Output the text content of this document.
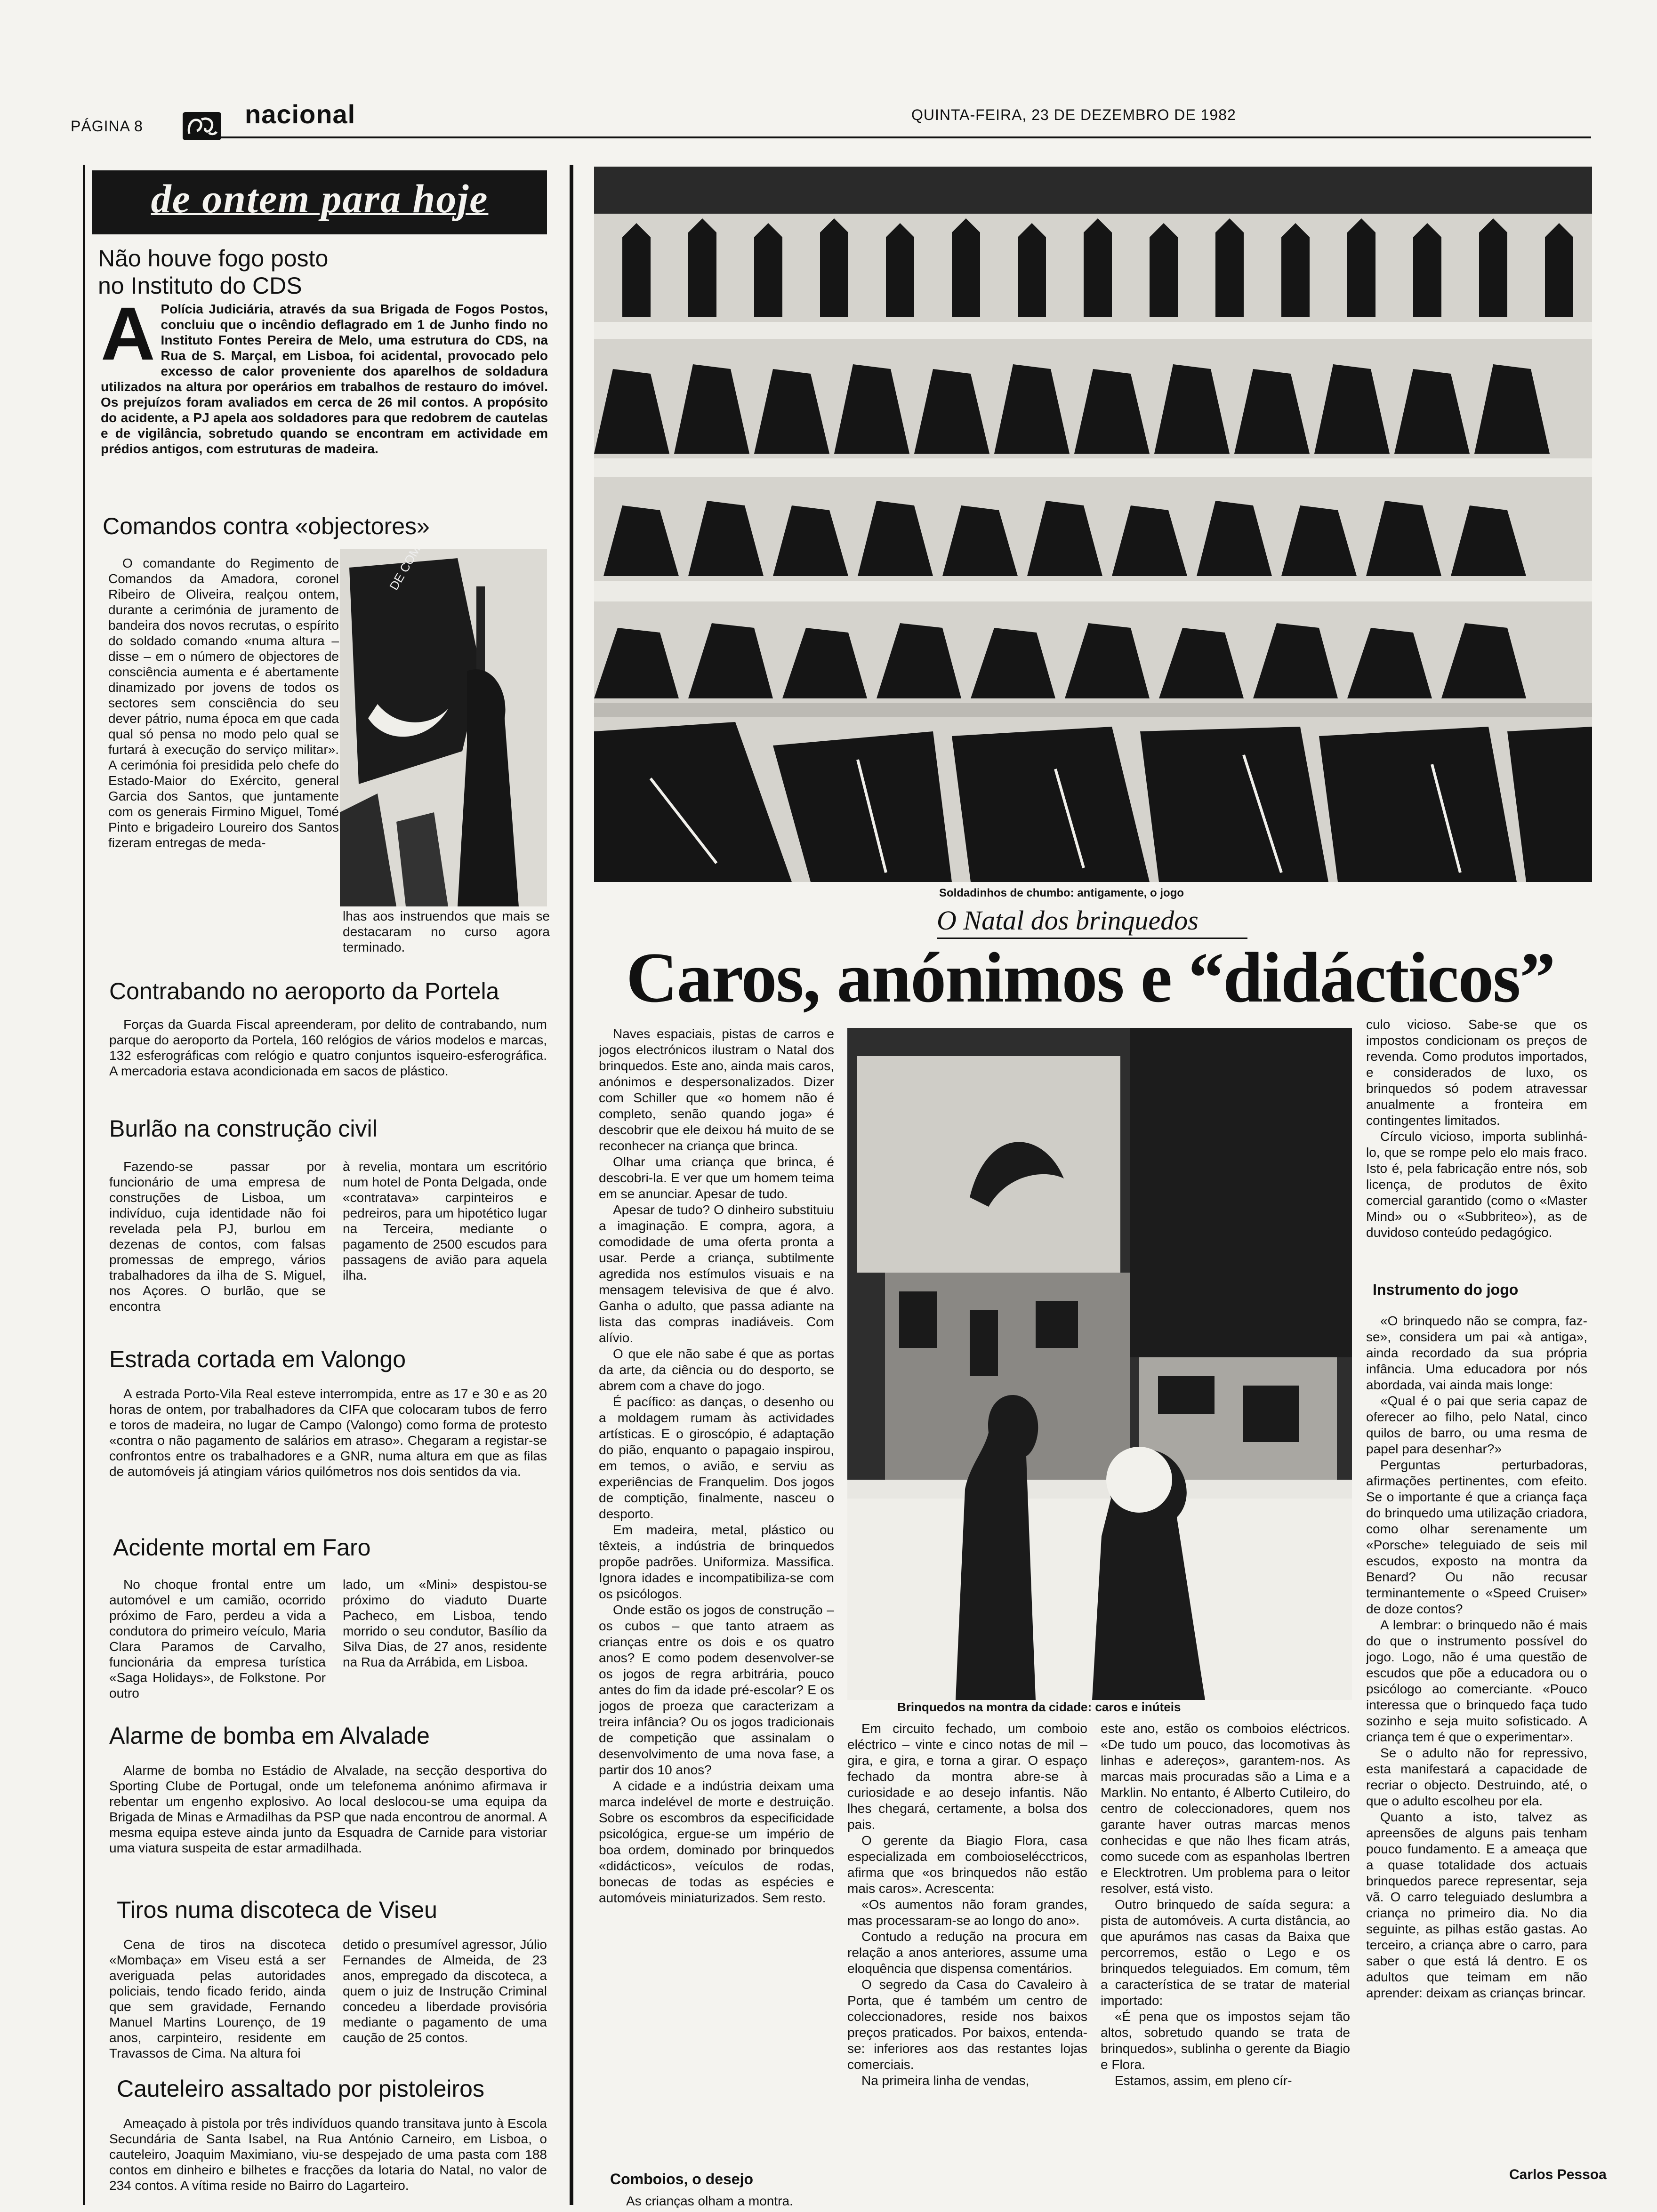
PÁGINA 8	nacional	QUINTA-FEIRA, 23 DE DEZEMBRO DE 1982
de ontem para hoje
Não houve fogo posto
no Instituto do CDS
A Polícia Judiciária, através da sua Brigada de Fogos Postos, concluiu que o incêndio deflagrado em 1 de Junho findo no Instituto Fontes Pereira de Melo, uma estrutura do CDS, na Rua de S. Marçal, em Lisboa, foi acidental, provocado pelo excesso de calor proveniente dos aparelhos de soldadura utilizados na altura por operários em trabalhos de restauro do imóvel. Os prejuízos foram avaliados em cerca de 26 mil contos. A propósito do acidente, a PJ apela aos soldadores para que redobrem de cautelas e de vigilância, sobretudo quando se encontram em actividade em prédios antigos, com estruturas de madeira.
Comandos contra «objectores»
O comandante do Regimento de Comandos da Amadora, coronel Ribeiro de Oliveira, realçou ontem, durante a cerimónia de juramento de bandeira dos novos recrutas, o espírito do soldado comando «numa altura – disse – em o número de objectores de consciência aumenta e é abertamente dinamizado por jovens de todos os sectores sem consciência do seu dever pátrio, numa época em que cada qual só pensa no modo pelo qual se furtará à execução do serviço militar». A cerimónia foi presidida pelo chefe do Estado-Maior do Exército, general Garcia dos Santos, que juntamente com os generais Firmino Miguel, Tomé Pinto e brigadeiro Loureiro dos Santos fizeram entregas de meda-
lhas aos instruendos que mais se destacaram no curso agora terminado.
Contrabando no aeroporto da Portela
Forças da Guarda Fiscal apreenderam, por delito de contrabando, num parque do aeroporto da Portela, 160 relógios de vários modelos e marcas, 132 esferográficas com relógio e quatro conjuntos isqueiro-esferográfica. A mercadoria estava acondicionada em sacos de plástico.
Burlão na construção civil
Fazendo-se passar por funcionário de uma empresa de construções de Lisboa, um indivíduo, cuja identidade não foi revelada pela PJ, burlou em dezenas de contos, com falsas promessas de emprego, vários trabalhadores da ilha de S. Miguel, nos Açores. O burlão, que se encontra
à revelia, montara um escritório num hotel de Ponta Delgada, onde «contratava» carpinteiros e pedreiros, para um hipotético lugar na Terceira, mediante o pagamento de 2500 escudos para passagens de avião para aquela ilha.
Estrada cortada em Valongo
A estrada Porto-Vila Real esteve interrompida, entre as 17 e 30 e as 20 horas de ontem, por trabalhadores da CIFA que colocaram tubos de ferro e toros de madeira, no lugar de Campo (Valongo) como forma de protesto «contra o não pagamento de salários em atraso». Chegaram a registar-se confrontos entre os trabalhadores e a GNR, numa altura em que as filas de automóveis já atingiam vários quilómetros nos dois sentidos da via.
Acidente mortal em Faro
No choque frontal entre um automóvel e um camião, ocorrido próximo de Faro, perdeu a vida a condutora do primeiro veículo, Maria Clara Paramos de Carvalho, funcionária da empresa turística «Saga Holidays», de Folkstone. Por outro
lado, um «Mini» despistou-se próximo do viaduto Duarte Pacheco, em Lisboa, tendo morrido o seu condutor, Basílio da Silva Dias, de 27 anos, residente na Rua da Arrábida, em Lisboa.
Alarme de bomba em Alvalade
Alarme de bomba no Estádio de Alvalade, na secção desportiva do Sporting Clube de Portugal, onde um telefonema anónimo afirmava ir rebentar um engenho explosivo. Ao local deslocou-se uma equipa da Brigada de Minas e Armadilhas da PSP que nada encontrou de anormal. A mesma equipa esteve ainda junto da Esquadra de Carnide para vistoriar uma viatura suspeita de estar armadilhada.
Tiros numa discoteca de Viseu
Cena de tiros na discoteca «Mombaça» em Viseu está a ser averiguada pelas autoridades policiais, tendo ficado ferido, ainda que sem gravidade, Fernando Manuel Martins Lourenço, de 19 anos, carpinteiro, residente em Travassos de Cima. Na altura foi
detido o presumível agressor, Júlio Fernandes de Almeida, de 23 anos, empregado da discoteca, a quem o juiz de Instrução Criminal concedeu a liberdade provisória mediante o pagamento de uma caução de 25 contos.
Cauteleiro assaltado por pistoleiros
Ameaçado à pistola por três indivíduos quando transitava junto à Escola Secundária de Santa Isabel, na Rua António Carneiro, em Lisboa, o cauteleiro, Joaquim Maximiano, viu-se despejado de uma pasta com 188 contos em dinheiro e bilhetes e fracções da lotaria do Natal, no valor de 234 contos. A vítima reside no Bairro do Lagarteiro.
Soldadinhos de chumbo: antigamente, o jogo
O Natal dos brinquedos
Caros, anónimos e “didácticos”

Naves espaciais, pistas de carros e jogos electrónicos ilustram o Natal dos brinquedos. Este ano, ainda mais caros, anónimos e despersonalizados. Dizer com Schiller que «o homem não é completo, senão quando joga» é descobrir que ele deixou há muito de se reconhecer na criança que brinca.

Olhar uma criança que brinca, é descobri-la. E ver que um homem teima em se anunciar. Apesar de tudo.

Apesar de tudo? O dinheiro substituiu a imaginação. E compra, agora, a comodidade de uma oferta pronta a usar. Perde a criança, subtilmente agredida nos estímulos visuais e na mensagem televisiva de que é alvo. Ganha o adulto, que passa adiante na lista das compras inadiáveis. Com alívio.

O que ele não sabe é que as portas da arte, da ciência ou do desporto, se abrem com a chave do jogo.

É pacífico: as danças, o desenho ou a moldagem rumam às actividades artísticas. E o giroscópio, é adaptação do pião, enquanto o papagaio inspirou, em temos, o avião, e serviu as experiências de Franquelim. Dos jogos de comptição, finalmente, nasceu o desporto.

Em madeira, metal, plástico ou têxteis, a indústria de brinquedos propõe padrões. Uniformiza. Massifica. Ignora idades e incompatibiliza-se com os psicólogos.

Onde estão os jogos de construção – os cubos – que tanto atraem as crianças entre os dois e os quatro anos? E como podem desenvolver-se os jogos de regra arbitrária, pouco antes do fim da idade pré-escolar? E os jogos de proeza que caracterizam a treira infância? Ou os jogos tradicionais de competição que assinalam o desenvolvimento de uma nova fase, a partir dos 10 anos?

A cidade e a indústria deixam uma marca indelével de morte e destruição. Sobre os escombros da especificidade psicológica, ergue-se um império de boa ordem, dominado por brinquedos «didácticos», veículos de rodas, bonecas de todas as espécies e automóveis miniaturizados. Sem resto.

Comboios, o desejo

As crianças olham a montra.

Brinquedos na montra da cidade: caros e inúteis

Em circuito fechado, um comboio eléctrico – vinte e cinco notas de mil – gira, e gira, e torna a girar. O espaço fechado da montra abre-se à curiosidade e ao desejo infantis. Não lhes chegará, certamente, a bolsa dos pais.

O gerente da Biagio Flora, casa especializada em comboioselécctricos, afirma que «os brinquedos não estão mais caros». Acrescenta:

«Os aumentos não foram grandes, mas processaram-se ao longo do ano».

Contudo a redução na procura em relação a anos anteriores, assume uma eloquência que dispensa comentários.

O segredo da Casa do Cavaleiro à Porta, que é também um centro de coleccionadores, reside nos baixos preços praticados. Por baixos, entenda-se: inferiores aos das restantes lojas comerciais.

Na primeira linha de vendas,

este ano, estão os comboios eléctricos. «De tudo um pouco, das locomotivas às linhas e adereços», garantem-nos. As marcas mais procuradas são a Lima e a Marklin. No entanto, é Alberto Cutileiro, do centro de coleccionadores, quem nos garante haver outras marcas menos conhecidas e que não lhes ficam atrás, como sucede com as espanholas Ibertren e Elecktrotren. Um problema para o leitor resolver, está visto.

Outro brinquedo de saída segura: a pista de automóveis. A curta distância, ao que apurámos nas casas da Baixa que percorremos, estão o Lego e os brinquedos teleguiados. Em comum, têm a característica de se tratar de material importado:

«É pena que os impostos sejam tão altos, sobretudo quando se trata de brinquedos», sublinha o gerente da Biagio e Flora.

Estamos, assim, em pleno cír-

culo vicioso. Sabe-se que os impostos condicionam os preços de revenda. Como produtos importados, e considerados de luxo, os brinquedos só podem atravessar anualmente a fronteira em contingentes limitados.

Círculo vicioso, importa sublinhá-lo, que se rompe pelo elo mais fraco. Isto é, pela fabricação entre nós, sob licença, de produtos de êxito comercial garantido (como o «Master Mind» ou o «Subbriteo»), as de duvidoso conteúdo pedagógico.

Instrumento do jogo

«O brinquedo não se compra, faz-se», considera um pai «à antiga», ainda recordado da sua própria infância. Uma educadora por nós abordada, vai ainda mais longe:

«Qual é o pai que seria capaz de oferecer ao filho, pelo Natal, cinco quilos de barro, ou uma resma de papel para desenhar?»

Perguntas perturbadoras, afirmações pertinentes, com efeito. Se o importante é que a criança faça do brinquedo uma utilização criadora, como olhar serenamente um «Porsche» teleguiado de seis mil escudos, exposto na montra da Benard? Ou não recusar terminantemente o «Speed Cruiser» de doze contos?

A lembrar: o brinquedo não é mais do que o instrumento possível do jogo. Logo, não é uma questão de escudos que põe a educadora ou o psicólogo ao comerciante. «Pouco interessa que o brinquedo faça tudo sozinho e seja muito sofisticado. A criança tem é que o experimentar».

Se o adulto não for repressivo, esta manifestará a capacidade de recriar o objecto. Destruindo, até, o que o adulto escolheu por ela.

Quanto a isto, talvez as apreensões de alguns pais tenham pouco fundamento. E a ameaça que a quase totalidade dos actuais brinquedos parece representar, seja vã. O carro teleguiado deslumbra a criança no primeiro dia. No dia seguinte, as pilhas estão gastas. Ao terceiro, a criança abre o carro, para saber o que está lá dentro. E os adultos que teimam em não aprender: deixam as crianças brincar.

Carlos Pessoa
